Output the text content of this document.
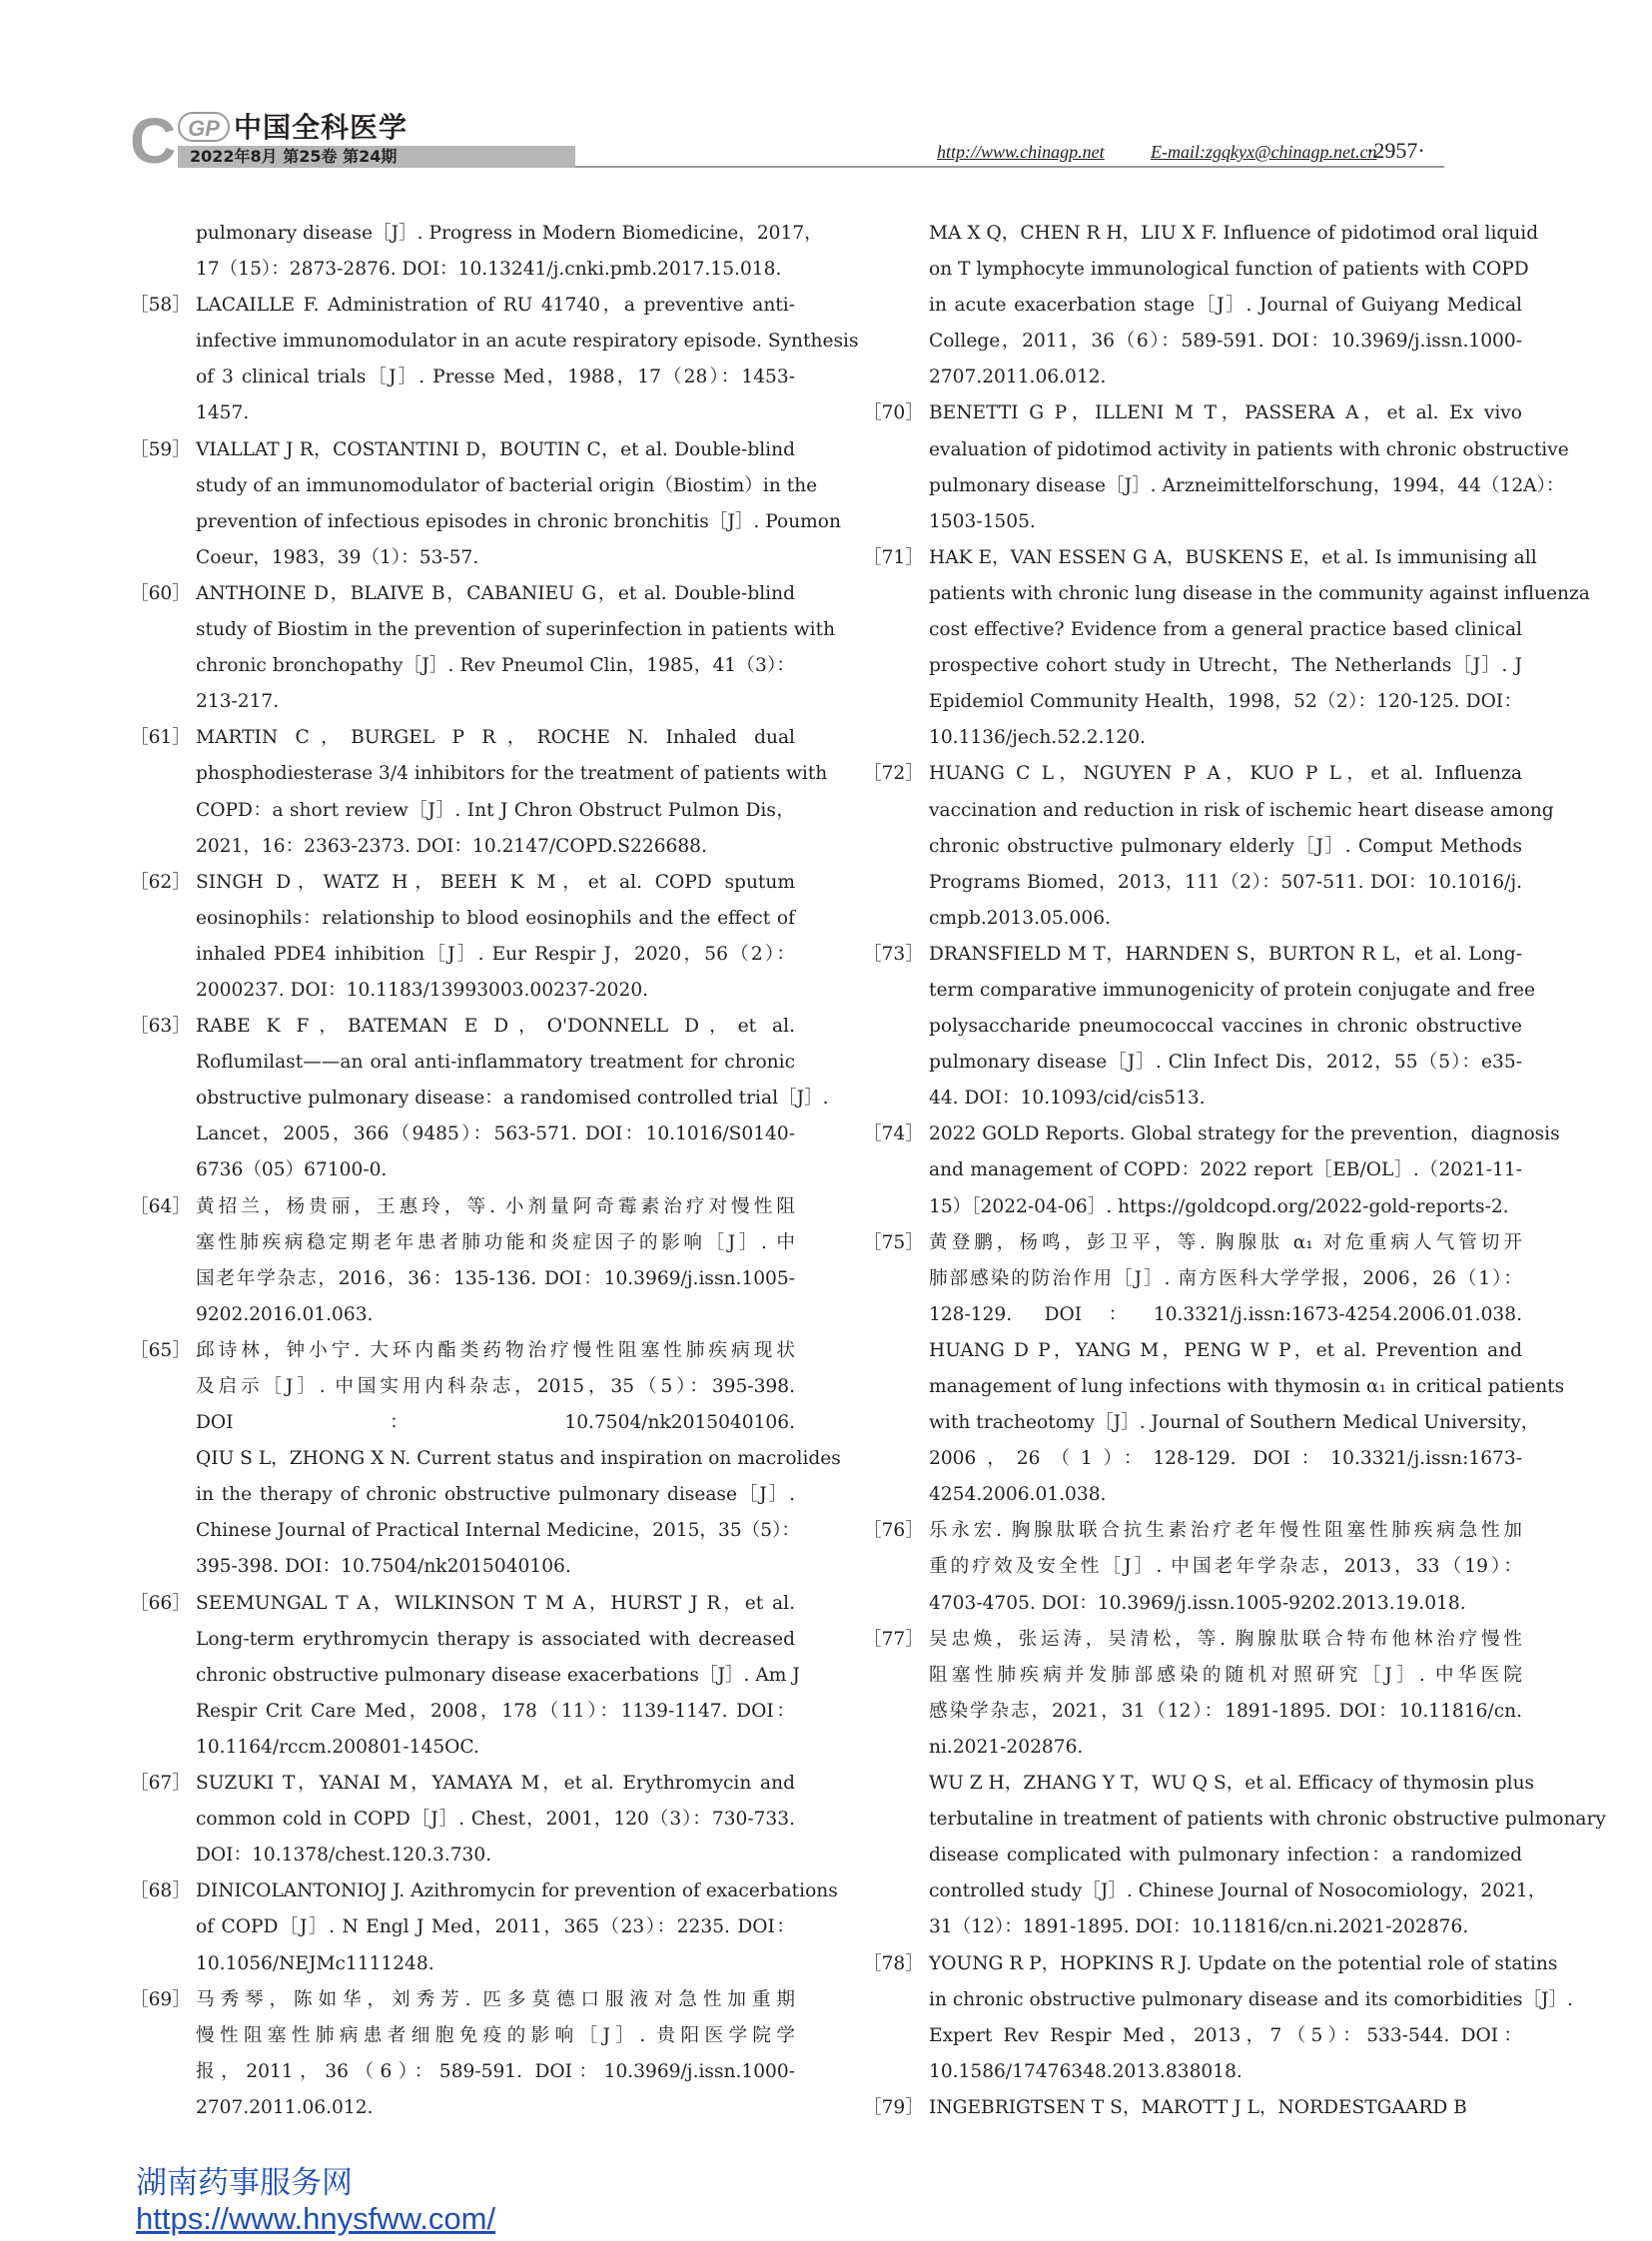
C GP 中国全科医学
2022年8月 第25卷 第24期	http://www.chinagp.net	E-mail:zgqkyx@chinagp.net.cn
·2957·
pulmonary disease［J］. Progress in Modern Biomedicine，2017，
17（15）：2873-2876. DOI：10.13241/j.cnki.pmb.2017.15.018.
［58］ LACAILLE F. Administration of RU 41740，a preventive anti-
infective immunomodulator in an acute respiratory episode. Synthesis
of 3 clinical trials［J］. Presse Med，1988，17（28）：1453-
1457.
［59］ VIALLAT J R，COSTANTINI D，BOUTIN C，et al. Double-blind
study of an immunomodulator of bacterial origin（Biostim）in the
prevention of infectious episodes in chronic bronchitis［J］. Poumon
Coeur，1983，39（1）：53-57.
［60］ ANTHOINE D，BLAIVE B，CABANIEU G，et al. Double-blind
study of Biostim in the prevention of superinfection in patients with
chronic bronchopathy［J］. Rev Pneumol Clin，1985，41（3）：
213-217.
［61］ MARTIN C，BURGEL P R，ROCHE N. Inhaled dual
phosphodiesterase 3/4 inhibitors for the treatment of patients with
COPD：a short review［J］. Int J Chron Obstruct Pulmon Dis，
2021，16：2363-2373. DOI：10.2147/COPD.S226688.
［62］ SINGH D，WATZ H，BEEH K M，et al. COPD sputum
eosinophils：relationship to blood eosinophils and the effect of
inhaled PDE4 inhibition［J］. Eur Respir J，2020，56（2）：
2000237. DOI：10.1183/13993003.00237-2020.
［63］ RABE K F，BATEMAN E D，O'DONNELL D，et al.
Roflumilast——an oral anti-inflammatory treatment for chronic
obstructive pulmonary disease：a randomised controlled trial［J］.
Lancet，2005，366（9485）：563-571. DOI：10.1016/S0140-
6736（05）67100-0.
［64］ 黄招兰，杨贵丽，王惠玲，等. 小剂量阿奇霉素治疗对慢性阻
塞性肺疾病稳定期老年患者肺功能和炎症因子的影响［J］. 中
国老年学杂志，2016，36：135-136. DOI：10.3969/j.issn.1005-
9202.2016.01.063.
［65］ 邱诗林，钟小宁. 大环内酯类药物治疗慢性阻塞性肺疾病现状
及启示［J］. 中国实用内科杂志，2015，35（5）：395-398.
DOI：10.7504/nk2015040106.
QIU S L，ZHONG X N. Current status and inspiration on macrolides
in the therapy of chronic obstructive pulmonary disease［J］.
Chinese Journal of Practical Internal Medicine，2015，35（5）：
395-398. DOI：10.7504/nk2015040106.
［66］ SEEMUNGAL T A，WILKINSON T M A，HURST J R，et al.
Long-term erythromycin therapy is associated with decreased
chronic obstructive pulmonary disease exacerbations［J］. Am J
Respir Crit Care Med，2008，178（11）：1139-1147. DOI：
10.1164/rccm.200801-145OC.
［67］ SUZUKI T，YANAI M，YAMAYA M，et al. Erythromycin and
common cold in COPD［J］. Chest，2001，120（3）：730-733.
DOI：10.1378/chest.120.3.730.
［68］ DINICOLANTONIOJ J. Azithromycin for prevention of exacerbations
of COPD［J］. N Engl J Med，2011，365（23）：2235. DOI：
10.1056/NEJMc1111248.
［69］ 马秀琴，陈如华，刘秀芳. 匹多莫德口服液对急性加重期
慢性阻塞性肺病患者细胞免疫的影响［J］. 贵阳医学院学
报，2011，36（6）：589-591. DOI：10.3969/j.issn.1000-
2707.2011.06.012.
MA X Q，CHEN R H，LIU X F. Influence of pidotimod oral liquid
on T lymphocyte immunological function of patients with COPD
in acute exacerbation stage［J］. Journal of Guiyang Medical
College，2011，36（6）：589-591. DOI：10.3969/j.issn.1000-
2707.2011.06.012.
［70］ BENETTI G P，ILLENI M T，PASSERA A，et al. Ex vivo
evaluation of pidotimod activity in patients with chronic obstructive
pulmonary disease［J］. Arzneimittelforschung，1994，44（12A）：
1503-1505.
［71］ HAK E，VAN ESSEN G A，BUSKENS E，et al. Is immunising all
patients with chronic lung disease in the community against influenza
cost effective? Evidence from a general practice based clinical
prospective cohort study in Utrecht，The Netherlands［J］. J
Epidemiol Community Health，1998，52（2）：120-125. DOI：
10.1136/jech.52.2.120.
［72］ HUANG C L，NGUYEN P A，KUO P L，et al. Influenza
vaccination and reduction in risk of ischemic heart disease among
chronic obstructive pulmonary elderly［J］. Comput Methods
Programs Biomed，2013，111（2）：507-511. DOI：10.1016/j.
cmpb.2013.05.006.
［73］ DRANSFIELD M T，HARNDEN S，BURTON R L，et al. Long-
term comparative immunogenicity of protein conjugate and free
polysaccharide pneumococcal vaccines in chronic obstructive
pulmonary disease［J］. Clin Infect Dis，2012，55（5）：e35-
44. DOI：10.1093/cid/cis513.
［74］ 2022 GOLD Reports. Global strategy for the prevention，diagnosis
and management of COPD：2022 report［EB/OL］.（2021-11-
15）［2022-04-06］. https://goldcopd.org/2022-gold-reports-2.
［75］ 黄登鹏，杨鸣，彭卫平，等. 胸腺肽 α₁ 对危重病人气管切开
肺部感染的防治作用［J］. 南方医科大学学报，2006，26（1）：
128-129. DOI：10.3321/j.issn:1673-4254.2006.01.038.
HUANG D P，YANG M，PENG W P，et al. Prevention and
management of lung infections with thymosin α₁ in critical patients
with tracheotomy［J］. Journal of Southern Medical University，
2006，26（1）：128-129. DOI：10.3321/j.issn:1673-
4254.2006.01.038.
［76］ 乐永宏. 胸腺肽联合抗生素治疗老年慢性阻塞性肺疾病急性加
重的疗效及安全性［J］. 中国老年学杂志，2013，33（19）：
4703-4705. DOI：10.3969/j.issn.1005-9202.2013.19.018.
［77］ 吴忠焕，张运涛，吴清松，等. 胸腺肽联合特布他林治疗慢性
阻塞性肺疾病并发肺部感染的随机对照研究［J］. 中华医院
感染学杂志，2021，31（12）：1891-1895. DOI：10.11816/cn.
ni.2021-202876.
WU Z H，ZHANG Y T，WU Q S，et al. Efficacy of thymosin plus
terbutaline in treatment of patients with chronic obstructive pulmonary
disease complicated with pulmonary infection：a randomized
controlled study［J］. Chinese Journal of Nosocomiology，2021，
31（12）：1891-1895. DOI：10.11816/cn.ni.2021-202876.
［78］ YOUNG R P，HOPKINS R J. Update on the potential role of statins
in chronic obstructive pulmonary disease and its comorbidities［J］.
Expert Rev Respir Med，2013，7（5）：533-544. DOI：
10.1586/17476348.2013.838018.
［79］ INGEBRIGTSEN T S，MAROTT J L，NORDESTGAARD B
湖南药事服务网
https://www.hnysfww.com/
